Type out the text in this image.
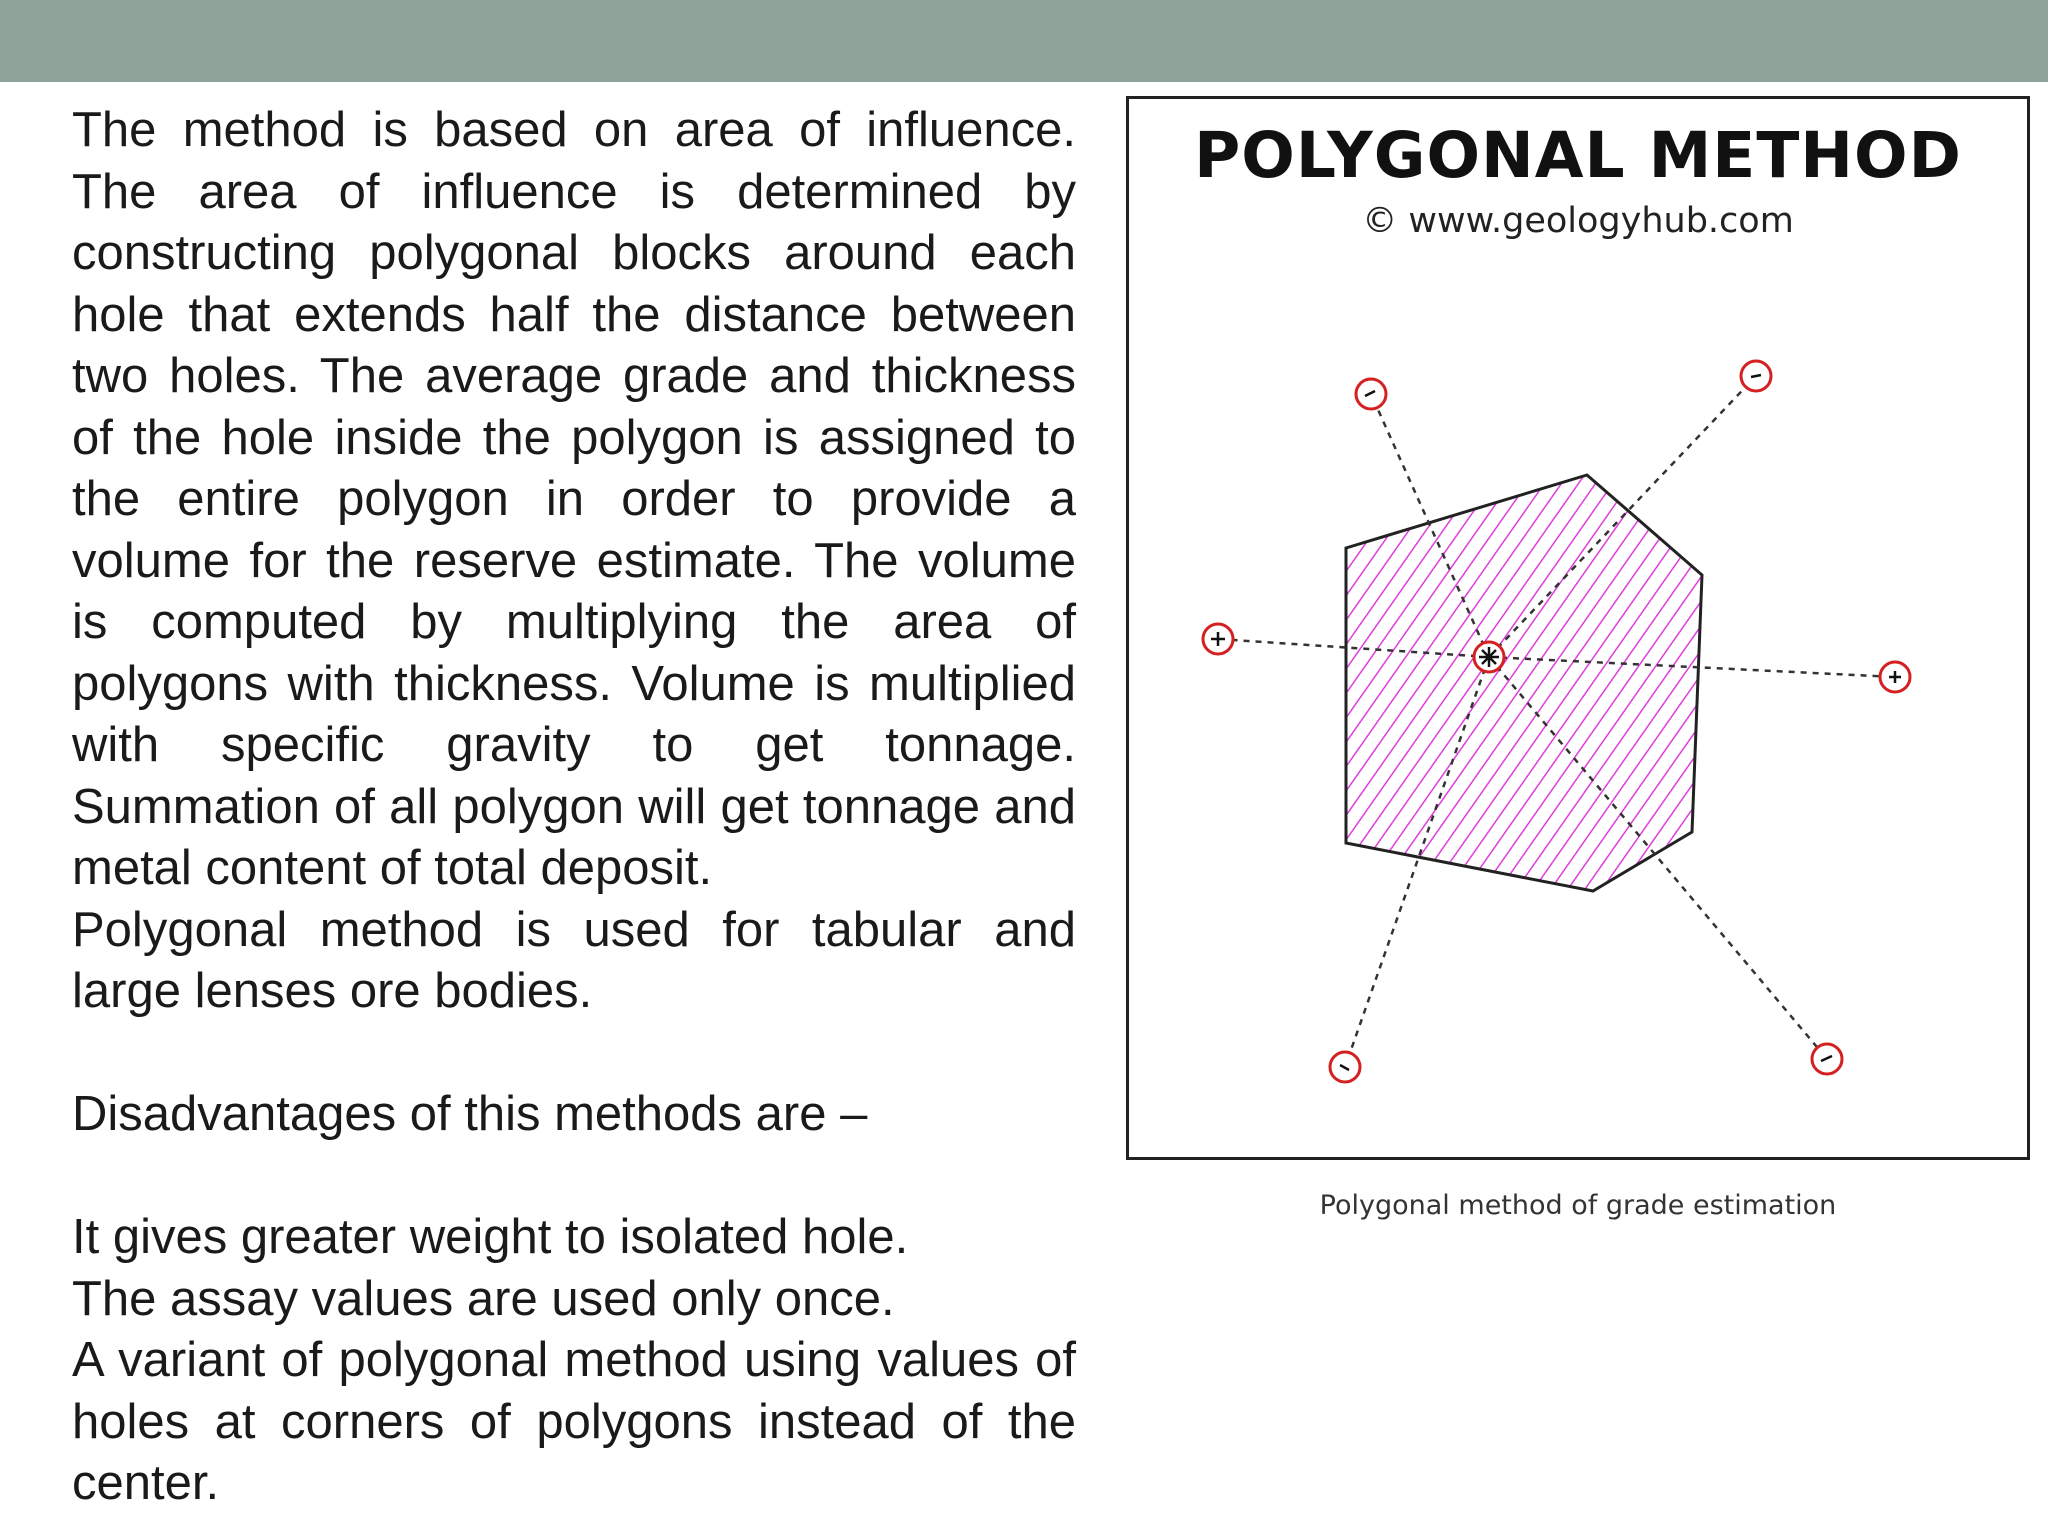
The method is based on area of influence. The area of influence is determined by constructing polygonal blocks around each hole that extends half the distance between two holes. The average grade and thickness of the hole inside the polygon is assigned to the entire polygon in order to provide a volume for the reserve estimate. The volume is computed by multiplying the area of polygons with thickness. Volume is multiplied with specific gravity to get tonnage. Summation of all polygon will get tonnage and metal content of total deposit.

Polygonal method is used for tabular and large lenses ore bodies.

Disadvantages of this methods are –

It gives greater weight to isolated hole.

The assay values are used only once.

A variant of polygonal method using values of holes at corners of polygons instead of the center.

POLYGONAL METHOD
© www.geologyhub.com
Polygonal method of grade estimation
